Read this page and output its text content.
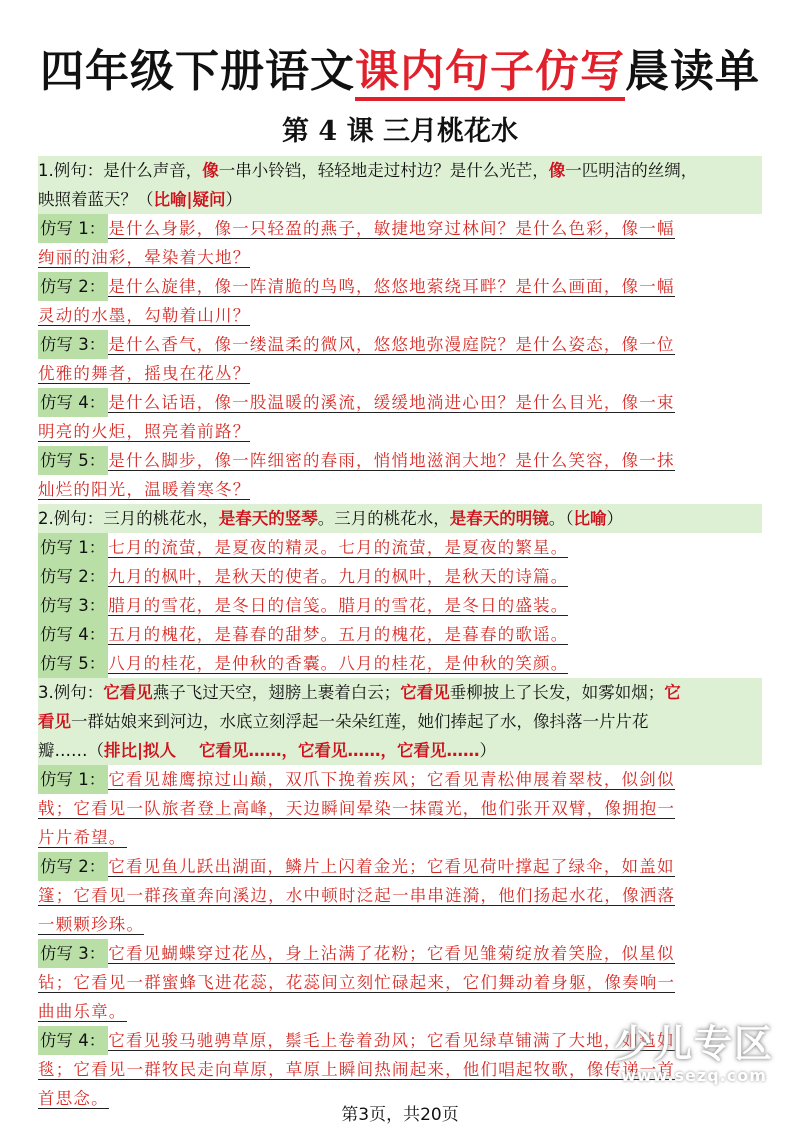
四年级下册语文课内句子仿写晨读单
第 4 课 三月桃花水
1.例句：是什么声音，像一串小铃铛，轻轻地走过村边？是什么光芒，像一匹明洁的丝绸，
映照着蓝天？（比喻|疑问）
仿写 1： 是什么身影，像一只轻盈的燕子，敏捷地穿过林间？是什么色彩，像一幅
绚丽的油彩，晕染着大地？
仿写 2： 是什么旋律，像一阵清脆的鸟鸣，悠悠地萦绕耳畔？是什么画面，像一幅
灵动的水墨，勾勒着山川？
仿写 3： 是什么香气，像一缕温柔的微风，悠悠地弥漫庭院？是什么姿态，像一位
优雅的舞者，摇曳在花丛？
仿写 4： 是什么话语，像一股温暖的溪流，缓缓地淌进心田？是什么目光，像一束
明亮的火炬，照亮着前路？
仿写 5： 是什么脚步，像一阵细密的春雨，悄悄地滋润大地？是什么笑容，像一抹
灿烂的阳光，温暖着寒冬？
2.例句：三月的桃花水，是春天的竖琴。三月的桃花水，是春天的明镜。（比喻）
仿写 1： 七月的流萤，是夏夜的精灵。七月的流萤，是夏夜的繁星。
仿写 2： 九月的枫叶，是秋天的使者。九月的枫叶，是秋天的诗篇。
仿写 3： 腊月的雪花，是冬日的信笺。腊月的雪花，是冬日的盛装。
仿写 4： 五月的槐花，是暮春的甜梦。五月的槐花，是暮春的歌谣。
仿写 5： 八月的桂花，是仲秋的香囊。八月的桂花，是仲秋的笑颜。
3.例句：它看见燕子飞过天空，翅膀上裹着白云；它看见垂柳披上了长发，如雾如烟；它
看见一群姑娘来到河边，水底立刻浮起一朵朵红莲，她们捧起了水，像抖落一片片花
瓣……（排比|拟人    它看见……，它看见……，它看见……）
仿写 1： 它看见雄鹰掠过山巅，双爪下挽着疾风；它看见青松伸展着翠枝，似剑似
戟；它看见一队旅者登上高峰，天边瞬间晕染一抹霞光，他们张开双臂，像拥抱一
片片希望。
仿写 2： 它看见鱼儿跃出湖面，鳞片上闪着金光；它看见荷叶撑起了绿伞，如盖如
篷；它看见一群孩童奔向溪边，水中顿时泛起一串串涟漪，他们扬起水花，像洒落
一颗颗珍珠。
仿写 3： 它看见蝴蝶穿过花丛，身上沾满了花粉；它看见雏菊绽放着笑脸，似星似
钻；它看见一群蜜蜂飞进花蕊，花蕊间立刻忙碌起来，它们舞动着身躯，像奏响一
曲曲乐章。
仿写 4： 它看见骏马驰骋草原，鬃毛上卷着劲风；它看见绿草铺满了大地，如毡如
毯；它看见一群牧民走向草原，草原上瞬间热闹起来，他们唱起牧歌，像传递一首
首思念。
少儿专区
www.sezq.com
第3页，共20页
